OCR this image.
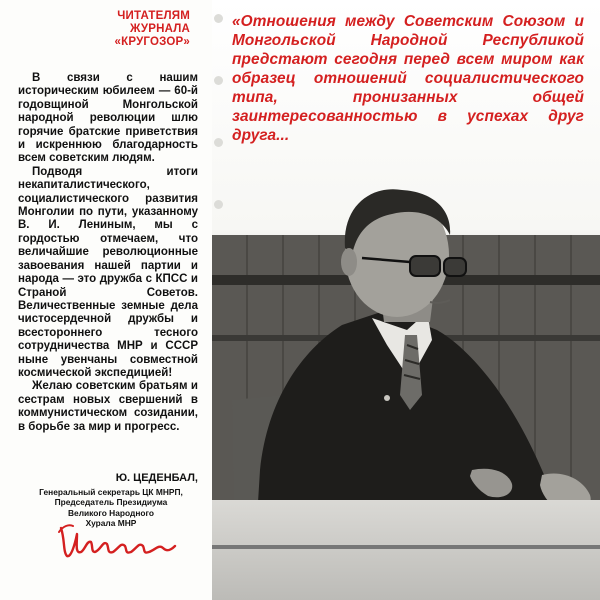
ЧИТАТЕЛЯМ
ЖУРНАЛА
«КРУГОЗОР»

В связи с нашим историческим юбилеем — 60-й годовщиной Монгольской народной революции шлю горячие братские приветствия и искреннюю благодарность всем советским людям.

Подводя итоги некапиталистического, социалистического развития Монголии по пути, указанному В. И. Лениным, мы с гордостью отмечаем, что величайшие революционные завоевания нашей партии и народа — это дружба с КПСС и Страной Советов. Величественные земные дела чистосердечной дружбы и всестороннего тесного сотрудничества МНР и СССР ныне увенчаны совместной космической экспедицией!

Желаю советским братьям и сестрам новых свершений в коммунистическом созидании, в борьбе за мир и прогресс.

Ю. ЦЕДЕНБАЛ,
Генеральный секретарь ЦК МНРП,
Председатель Президиума
Великого Народного
Хурала МНР
«Отношения между Советским Союзом и Монгольской Народной Республикой предстают сегодня перед всем миром как образец отношений социалистического типа, пронизанных общей заинтересованностью в успехах друг друга...
